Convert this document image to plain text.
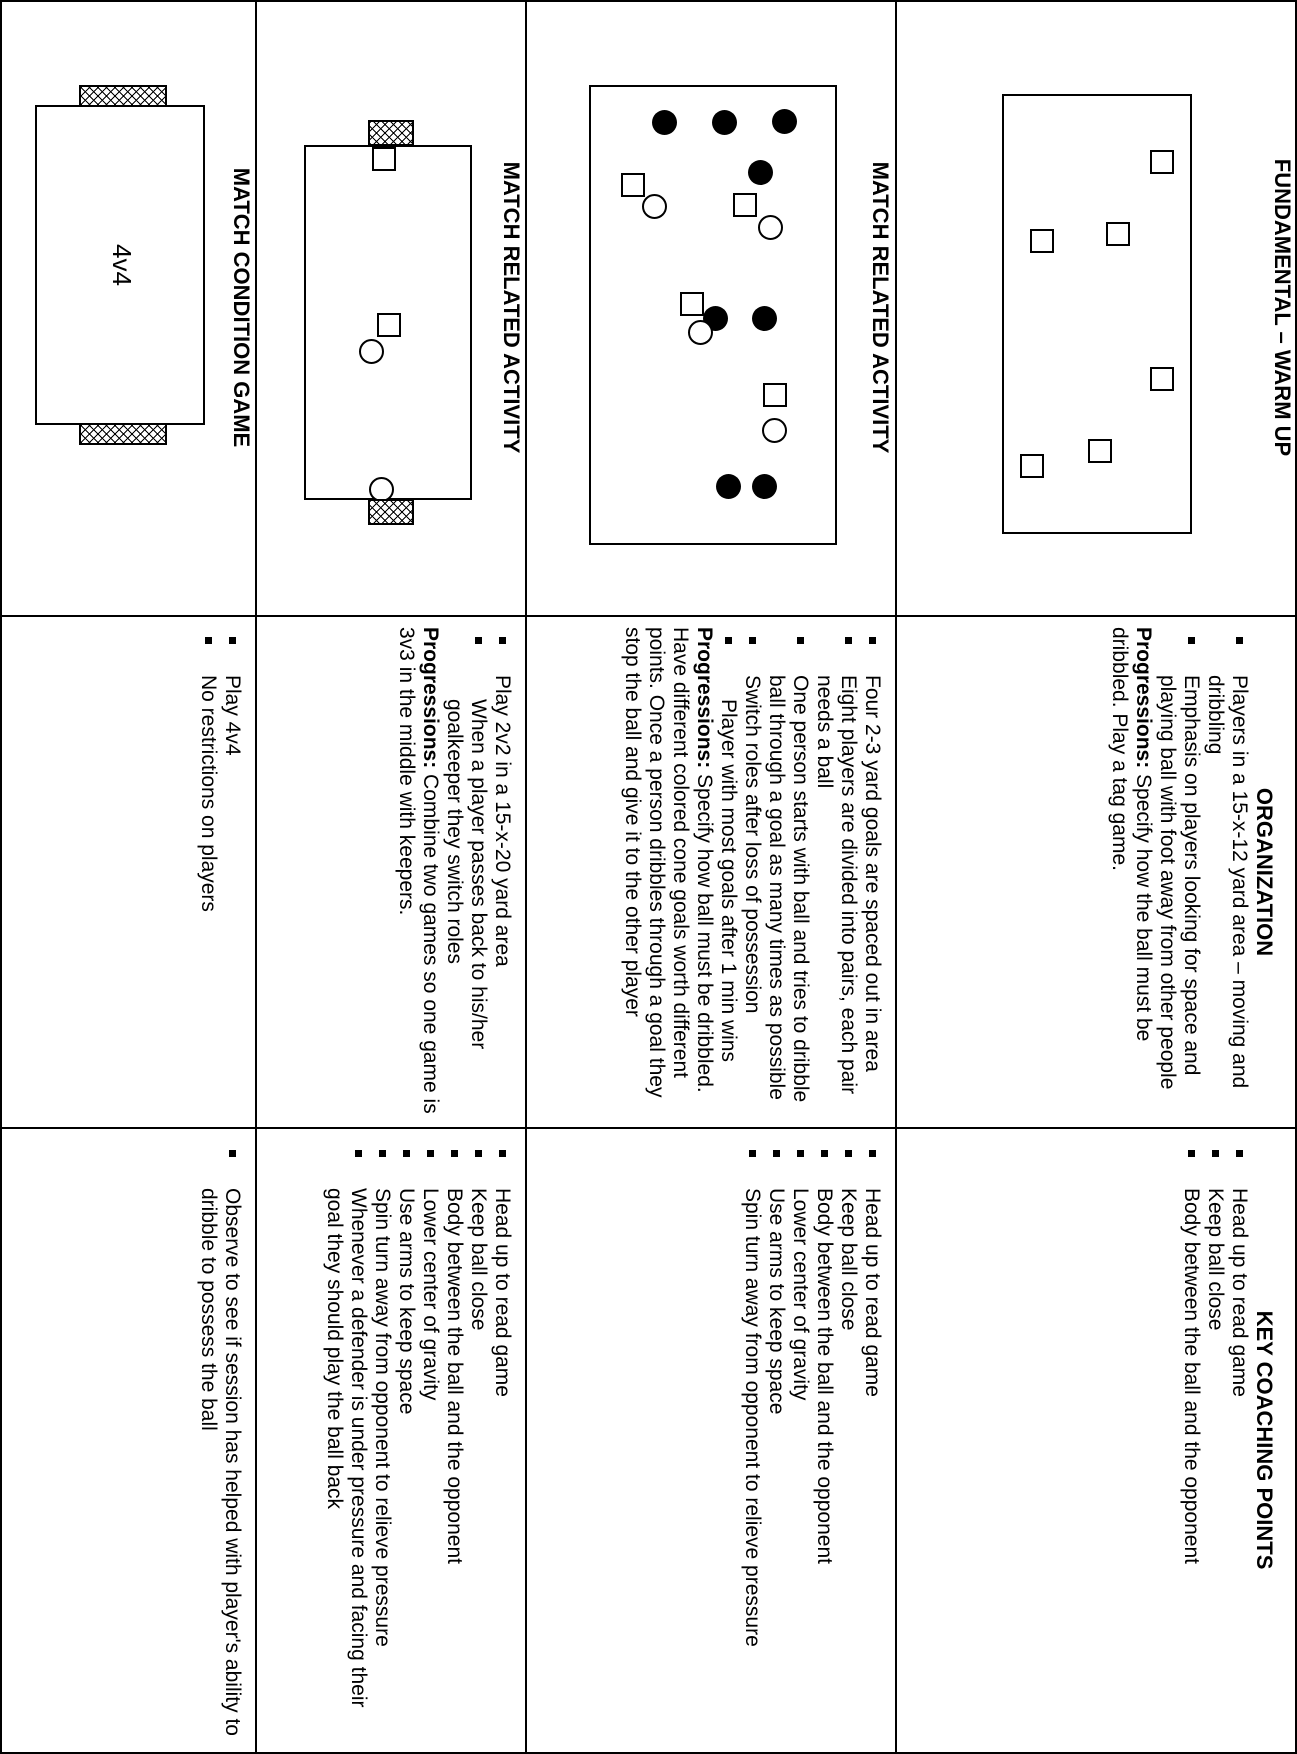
FUNDAMENTAL – WARM UP
ORGANIZATION
Players in a 15-x-12 yard area – moving and dribbling
Emphasis on players looking for space and playing ball with foot away from other people

Progressions: Specify how the ball must be dribbled. Play a tag game.

KEY COACHING POINTS
Head up to read game
Keep ball close
Body between the ball and the opponent
MATCH RELATED ACTIVITY
Four 2-3 yard goals are spaced out in area
Eight players are divided into pairs, each pair needs a ball
One person starts with ball and tries to dribble ball through a goal as many times as possible
Switch roles after loss of possession
Player with most goals after 1 min wins

Progressions: Specify how ball must be dribbled. Have different colored cone goals worth different points. Once a person dribbles through a goal they stop the ball and give it to the other player

Head up to read game
Keep ball close
Body between the ball and the opponent
Lower center of gravity
Use arms to keep space
Spin turn away from opponent to relieve pressure
MATCH RELATED ACTIVITY
Play 2v2 in a 15-x-20 yard area
When a player passes back to his/her goalkeeper they switch roles

Progressions: Combine two games so one game is 3v3 in the middle with keepers.

Head up to read game
Keep ball close
Body between the ball and the opponent
Lower center of gravity
Use arms to keep space
Spin turn away from opponent to relieve pressure
Whenever a defender is under pressure and facing their goal they should play the ball back
MATCH CONDITION GAME
4v4
Play 4v4
No restrictions on players
Observe to see if session has helped with player's ability to dribble to possess the ball
